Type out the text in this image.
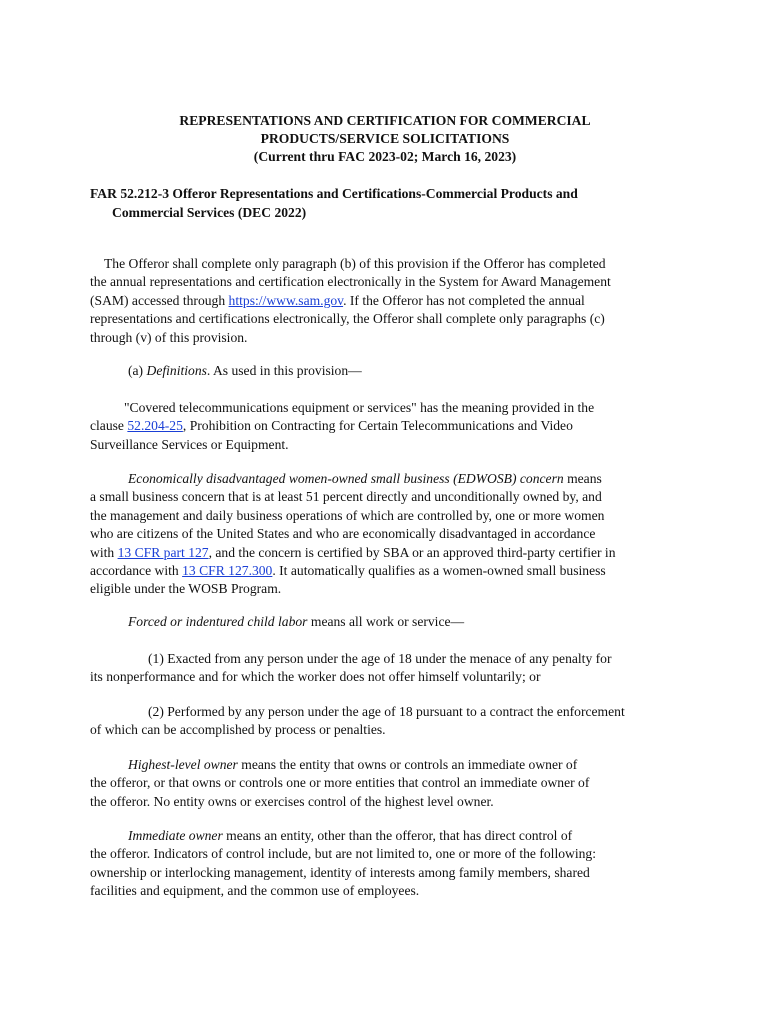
REPRESENTATIONS AND CERTIFICATION FOR COMMERCIAL
PRODUCTS/SERVICE SOLICITATIONS
(Current thru FAC 2023-02; March 16, 2023)
FAR 52.212-3 Offeror Representations and Certifications-Commercial Products and
Commercial Services (DEC 2022)
The Offeror shall complete only paragraph (b) of this provision if the Offeror has completed
the annual representations and certification electronically in the System for Award Management
(SAM) accessed through https://www.sam.gov. If the Offeror has not completed the annual
representations and certifications electronically, the Offeror shall complete only paragraphs (c)
through (v) of this provision.
(a) Definitions. As used in this provision—
"Covered telecommunications equipment or services" has the meaning provided in the
clause 52.204-25, Prohibition on Contracting for Certain Telecommunications and Video
Surveillance Services or Equipment.
Economically disadvantaged women-owned small business (EDWOSB) concern means
a small business concern that is at least 51 percent directly and unconditionally owned by, and
the management and daily business operations of which are controlled by, one or more women
who are citizens of the United States and who are economically disadvantaged in accordance
with 13 CFR part 127, and the concern is certified by SBA or an approved third-party certifier in
accordance with 13 CFR 127.300. It automatically qualifies as a women-owned small business
eligible under the WOSB Program.
Forced or indentured child labor means all work or service—
(1) Exacted from any person under the age of 18 under the menace of any penalty for
its nonperformance and for which the worker does not offer himself voluntarily; or
(2) Performed by any person under the age of 18 pursuant to a contract the enforcement
of which can be accomplished by process or penalties.
Highest-level owner means the entity that owns or controls an immediate owner of
the offeror, or that owns or controls one or more entities that control an immediate owner of
the offeror. No entity owns or exercises control of the highest level owner.
Immediate owner means an entity, other than the offeror, that has direct control of
the offeror. Indicators of control include, but are not limited to, one or more of the following:
ownership or interlocking management, identity of interests among family members, shared
facilities and equipment, and the common use of employees.
